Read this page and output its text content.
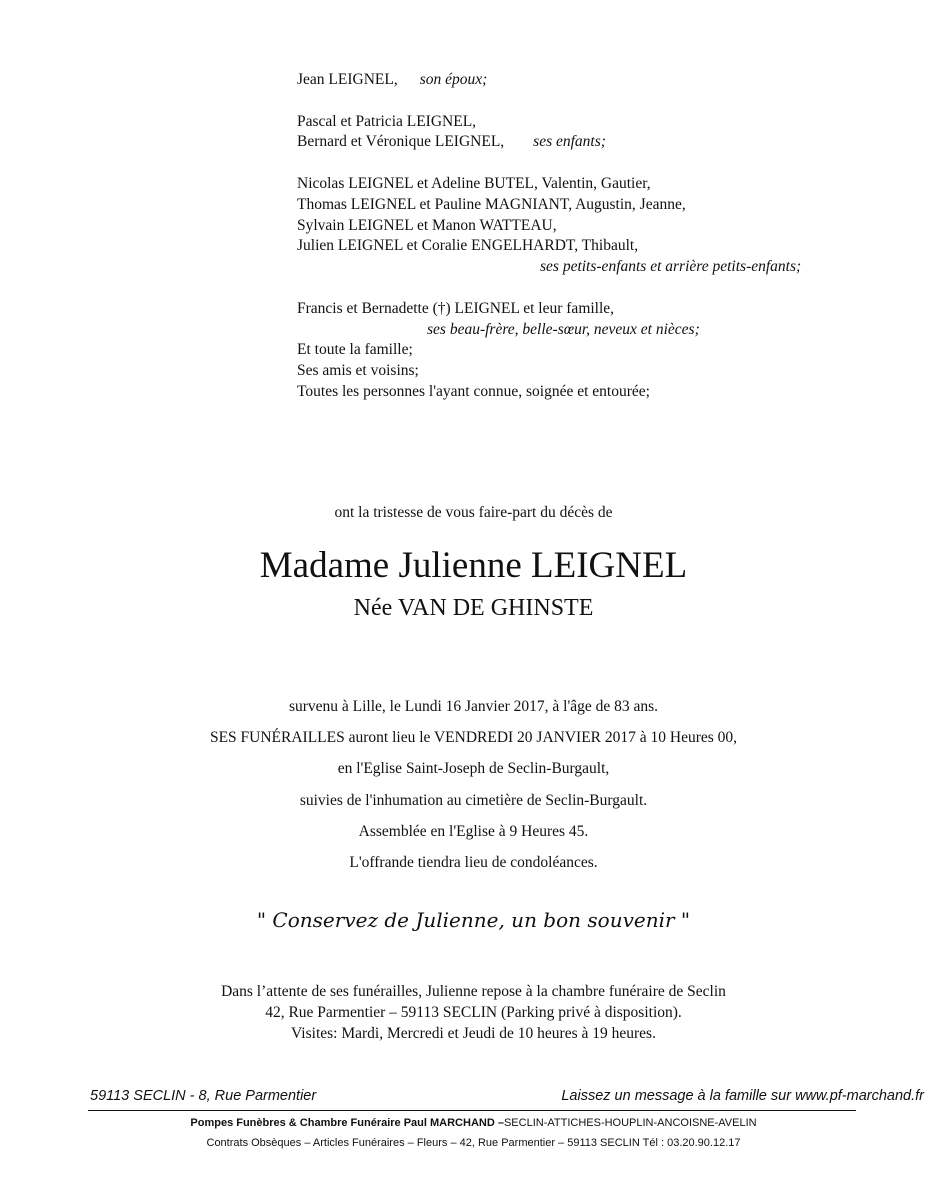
Jean LEIGNEL, son époux;
Pascal et Patricia LEIGNEL,
Bernard et Véronique LEIGNEL, ses enfants;
Nicolas LEIGNEL et Adeline BUTEL, Valentin, Gautier,
Thomas LEIGNEL et Pauline MAGNIANT, Augustin, Jeanne,
Sylvain LEIGNEL et Manon WATTEAU,
Julien LEIGNEL et Coralie ENGELHARDT, Thibault,
ses petits-enfants et arrière petits-enfants;
Francis et Bernadette (†) LEIGNEL et leur famille,
ses beau-frère, belle-sœur, neveux et nièces;
Et toute la famille;
Ses amis et voisins;
Toutes les personnes l'ayant connue, soignée et entourée;
ont la tristesse de vous faire-part du décès de
Madame Julienne LEIGNEL
Née VAN DE GHINSTE
survenu à Lille, le Lundi 16 Janvier 2017, à l'âge de 83 ans.
SES FUNÉRAILLES auront lieu le VENDREDI 20 JANVIER 2017 à 10 Heures 00,
en l'Eglise Saint-Joseph de Seclin-Burgault,
suivies de l'inhumation au cimetière de Seclin-Burgault.
Assemblée en l'Eglise à 9 Heures 45.
L'offrande tiendra lieu de condoléances.
" Conservez de Julienne, un bon souvenir "
Dans l’attente de ses funérailles, Julienne repose à la chambre funéraire de Seclin
42, Rue Parmentier – 59113 SECLIN (Parking privé à disposition).
Visites: Mardi, Mercredi et Jeudi de 10 heures à 19 heures.
59113 SECLIN - 8, Rue Parmentier	Laissez un message à la famille sur www.pf-marchand.fr
Pompes Funèbres & Chambre Funéraire Paul MARCHAND –SECLIN-ATTICHES-HOUPLIN-ANCOISNE-AVELIN
Contrats Obsèques – Articles Funéraires – Fleurs – 42, Rue Parmentier – 59113 SECLIN Tél : 03.20.90.12.17
